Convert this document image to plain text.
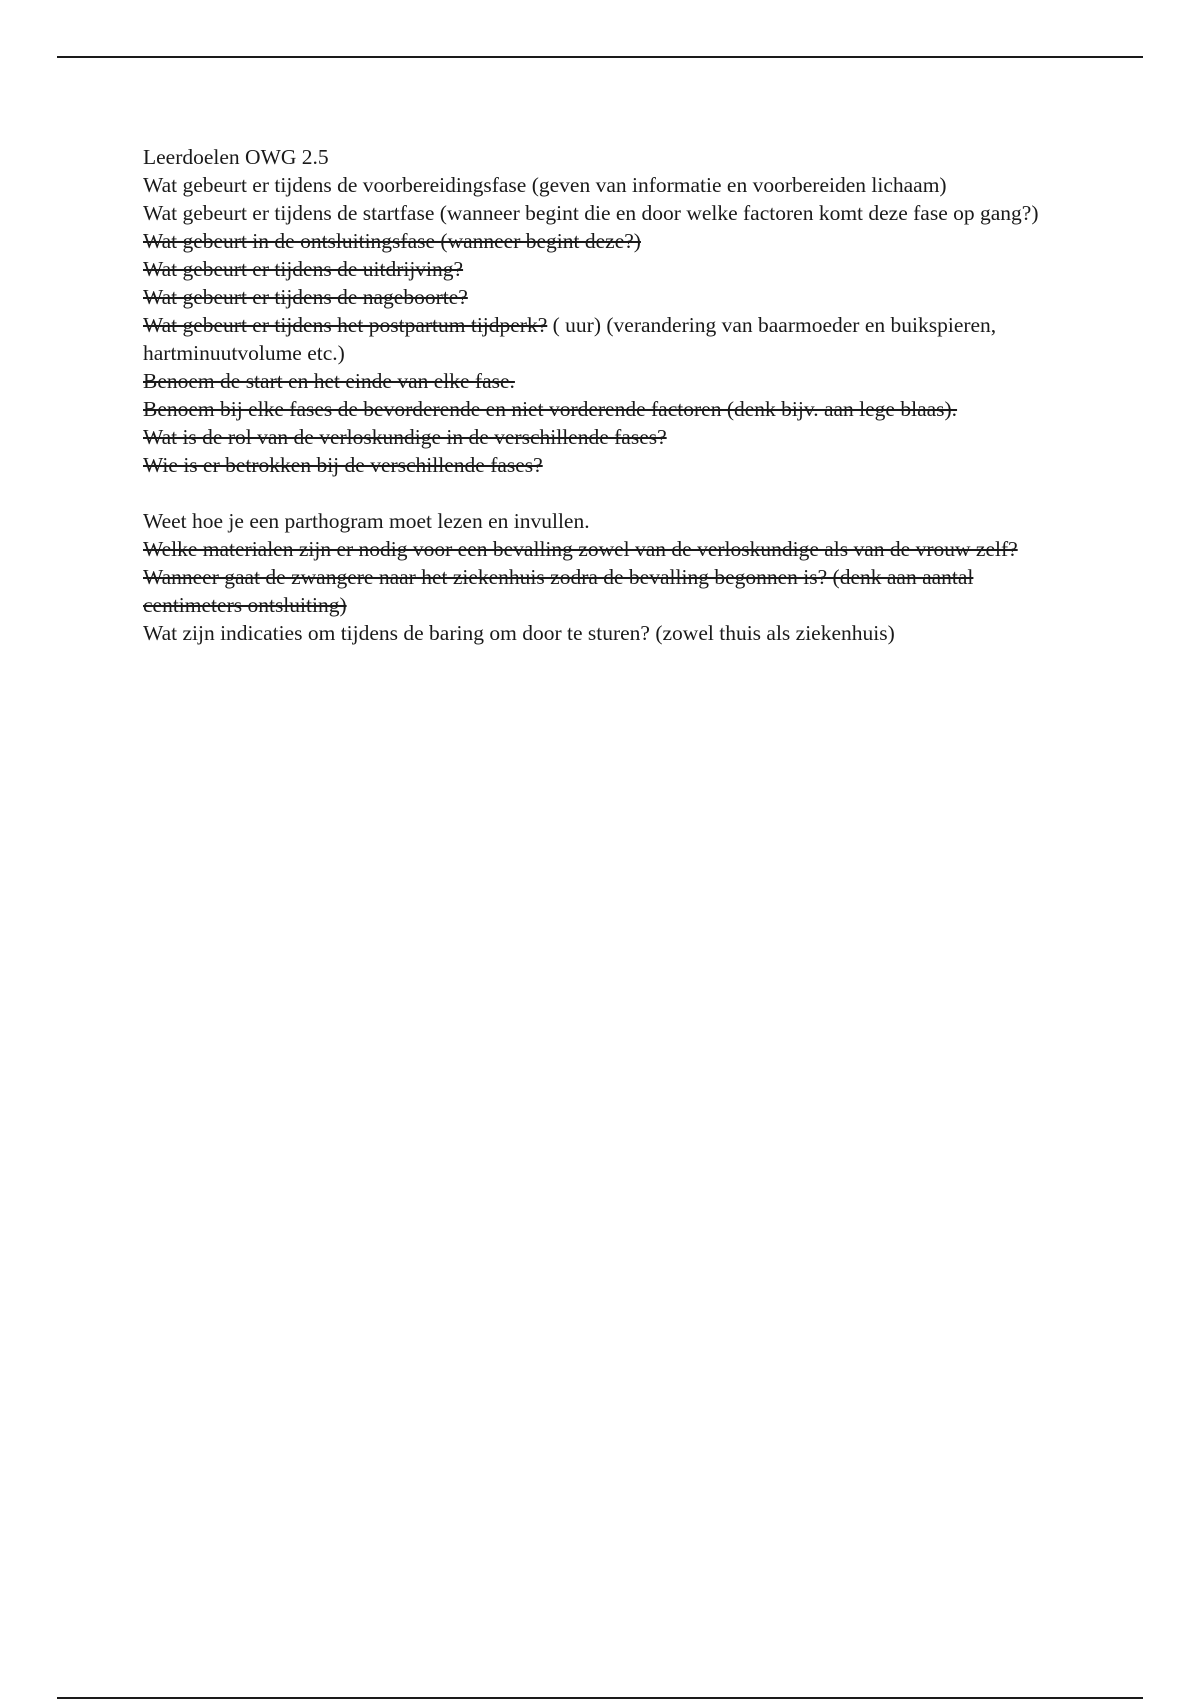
Leerdoelen OWG 2.5
Wat gebeurt er tijdens de voorbereidingsfase (geven van informatie en voorbereiden lichaam)
Wat gebeurt er tijdens de startfase (wanneer begint die en door welke factoren komt deze fase op gang?)
Wat gebeurt in de ontsluitingsfase (wanneer begint deze?)
Wat gebeurt er tijdens de uitdrijving?
Wat gebeurt er tijdens de nageboorte?
Wat gebeurt er tijdens het postpartum tijdperk? ( uur) (verandering van baarmoeder en buikspieren, hartminuutvolume etc.)
Benoem de start en het einde van elke fase.
Benoem bij elke fases de bevorderende en niet vorderende factoren (denk bijv. aan lege blaas).
Wat is de rol van de verloskundige in de verschillende fases?
Wie is er betrokken bij de verschillende fases?
Weet hoe je een parthogram moet lezen en invullen.
Welke materialen zijn er nodig voor een bevalling zowel van de verloskundige als van de vrouw zelf?
Wanneer gaat de zwangere naar het ziekenhuis zodra de bevalling begonnen is? (denk aan aantal centimeters ontsluiting)
Wat zijn indicaties om tijdens de baring om door te sturen? (zowel thuis als ziekenhuis)
